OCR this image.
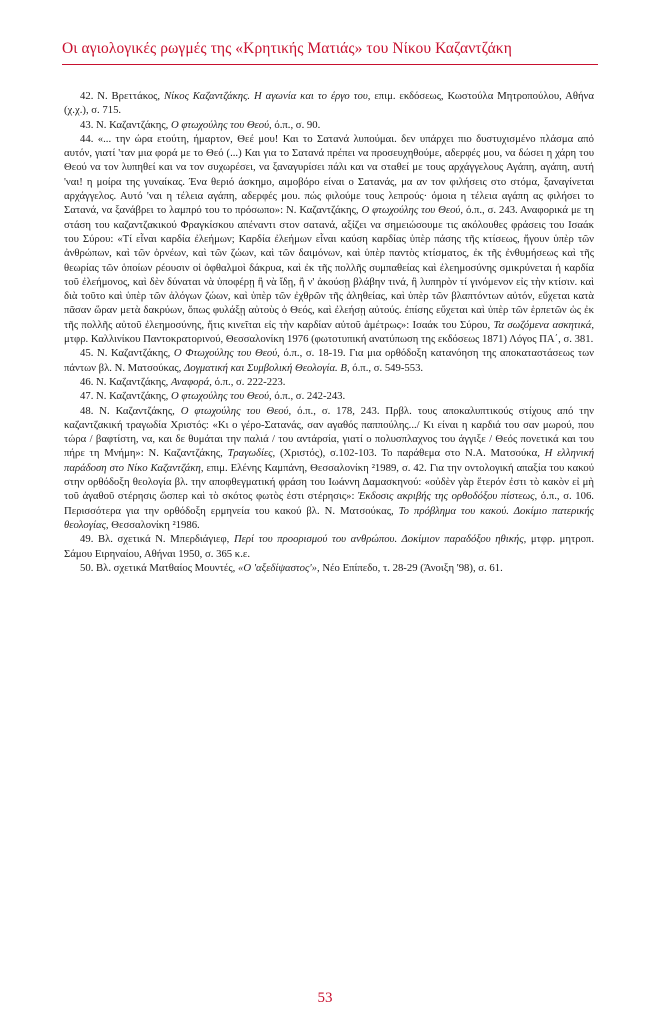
Οι αγιολογικές ρωγμές της «Κρητικής Ματιάς» του Νίκου Καζαντζάκη

42. Ν. Βρεττάκος, Νίκος Καζαντζάκης. Η αγωνία και το έργο του, επιμ. εκδόσεως, Κωστούλα Μητροπούλου, Αθήνα (χ.χ.), σ. 715.

43. Ν. Καζαντζάκης, Ο φτωχούλης του Θεού, ό.π., σ. 90.

44. «... την ώρα ετούτη, ήμαρτον, Θεέ μου! Και το Σατανά λυπούμαι. δεν υπάρχει πιο δυστυχισμένο πλάσμα από αυτόν, γιατί 'ταν μια φορά με το Θεό (...) Και για το Σατανά πρέπει να προσευχηθούμε, αδερφές μου, να δώσει η χάρη του Θεού να τον λυπηθεί και να τον συχωρέσει, να ξαναγυρίσει πάλι και να σταθεί με τους αρχάγγελους Αγάπη, αγάπη, αυτή 'ναι! η μοίρα της γυναίκας. Ένα θεριό άσκημο, αιμοβόρο είναι ο Σατανάς, μα αν τον φιλήσεις στο στόμα, ξαναγίνεται αρχάγγελος. Αυτό 'ναι η τέλεια αγάπη, αδερφές μου. πώς φιλούμε τους λεπρούς· όμοια η τέλεια αγάπη ας φιλήσει το Σατανά, να ξανάβρει το λαμπρό του το πρόσωπο»: Ν. Καζαντζάκης, Ο φτωχούλης του Θεού, ό.π., σ. 243. Αναφορικά με τη στάση του καζαντζακικού Φραγκίσκου απέναντι στον σατανά, αξίζει να σημειώσουμε τις ακόλουθες φράσεις του Ισαάκ του Σύρου: «Τί εἶναι καρδία ἐλεήμων; Καρδία ἐλεήμων εἶναι καύση καρδίας ὑπὲρ πάσης τῆς κτίσεως, ἤγουν ὑπὲρ τῶν ἀνθρώπων, καὶ τῶν ὀρνέων, καὶ τῶν ζώων, καὶ τῶν δαιμόνων, καὶ ὑπὲρ παντὸς κτίσματος, ἐκ τῆς ἐνθυμήσεως καὶ τῆς θεωρίας τῶν ὁποίων ρέουσιν οἱ ὀφθαλμοὶ δάκρυα, καὶ ἐκ τῆς πολλῆς συμπαθείας καὶ ἐλεημοσύνης σμικρύνεται ἡ καρδία τοῦ ἐλεήμονος, καὶ δὲν δύναται νὰ ὑποφέρῃ ἢ νὰ ἴδῃ, ἢ ν' ἀκούσῃ βλάβην τινά, ἢ λυπηρὸν τί γινόμενον εἰς τὴν κτίσιν. καὶ διὰ τοῦτο καὶ ὑπὲρ τῶν ἀλόγων ζώων, καὶ ὑπὲρ τῶν ἐχθρῶν τῆς ἀληθείας, καὶ ὑπὲρ τῶν βλαπτόντων αὐτόν, εὔχεται κατὰ πᾶσαν ὥραν μετὰ δακρύων, ὅπως φυλάξῃ αὐτοὺς ὁ Θεός, καὶ ἐλεήσῃ αὐτούς. ἐπίσης εὔχεται καὶ ὑπὲρ τῶν ἑρπετῶν ὡς ἐκ τῆς πολλῆς αὐτοῦ ἐλεημοσύνης, ἥτις κινεῖται εἰς τὴν καρδίαν αὐτοῦ ἀμέτρως»: Ισαάκ του Σύρου, Τα σωζόμενα ασκητικά, μτφρ. Καλλινίκου Παντοκρατορινού, Θεσσαλονίκη 1976 (φωτοτυπική ανατύπωση της εκδόσεως 1871) Λόγος ΠΑ΄, σ. 381.

45. Ν. Καζαντζάκης, Ο Φτωχούλης του Θεού, ό.π., σ. 18-19. Για μια ορθόδοξη κατανόηση της αποκαταστάσεως των πάντων βλ. Ν. Ματσούκας, Δογματική και Συμβολική Θεολογία. Β, ό.π., σ. 549-553.

46. Ν. Καζαντζάκης, Αναφορά, ό.π., σ. 222-223.

47. Ν. Καζαντζάκης, Ο φτωχούλης του Θεού, ό.π., σ. 242-243.

48. Ν. Καζαντζάκης, Ο φτωχούλης του Θεού, ό.π., σ. 178, 243. Πρβλ. τους αποκαλυπτικούς στίχους από την καζαντζακική τραγωδία Χριστός: «Κι ο γέρο-Σατανάς, σαν αγαθός παππούλης.../ Κι είναι η καρδιά του σαν μωρού, που τώρα / βαφτίστη, να, και δε θυμάται την παλιά / του αντάρσία, γιατί ο πολυσπλαχνος του άγγιξε / Θεός πονετικά και του πήρε τη Μνήμη»: Ν. Καζαντζάκης, Τραγωδίες, (Χριστός), σ.102-103. Το παράθεμα στο Ν.Α. Ματσούκα, Η ελληνική παράδοση στο Νίκο Καζαντζάκη, επιμ. Ελένης Καμπάνη, Θεσσαλονίκη ²1989, σ. 42. Για την οντολογική απαξία του κακού στην ορθόδοξη θεολογία βλ. την αποφθεγματική φράση του Ιωάννη Δαμασκηνού: «οὐδὲν γὰρ ἕτερόν ἐστι τὸ κακὸν εἰ μὴ τοῦ ἀγαθοῦ στέρησις ὥσπερ καὶ τὸ σκότος φωτὸς ἐστι στέρησις»: Έκδοσις ακριβής της ορθοδόξου πίστεως, ό.π., σ. 106. Περισσότερα για την ορθόδοξη ερμηνεία του κακού βλ. Ν. Ματσούκας, Το πρόβλημα του κακού. Δοκίμιο πατερικής θεολογίας, Θεσσαλονίκη ²1986.

49. Βλ. σχετικά Ν. Μπερδιάγιεφ, Περί του προορισμού του ανθρώπου. Δοκίμιον παραδόξου ηθικής, μτφρ. μητροπ. Σάμου Ειρηναίου, Αθήναι 1950, σ. 365 κ.ε.

50. Βλ. σχετικά Ματθαίος Μουντές, «Ο 'αξεδίψαστος'», Νέο Επίπεδο, τ. 28-29 (Άνοιξη '98), σ. 61.

53
